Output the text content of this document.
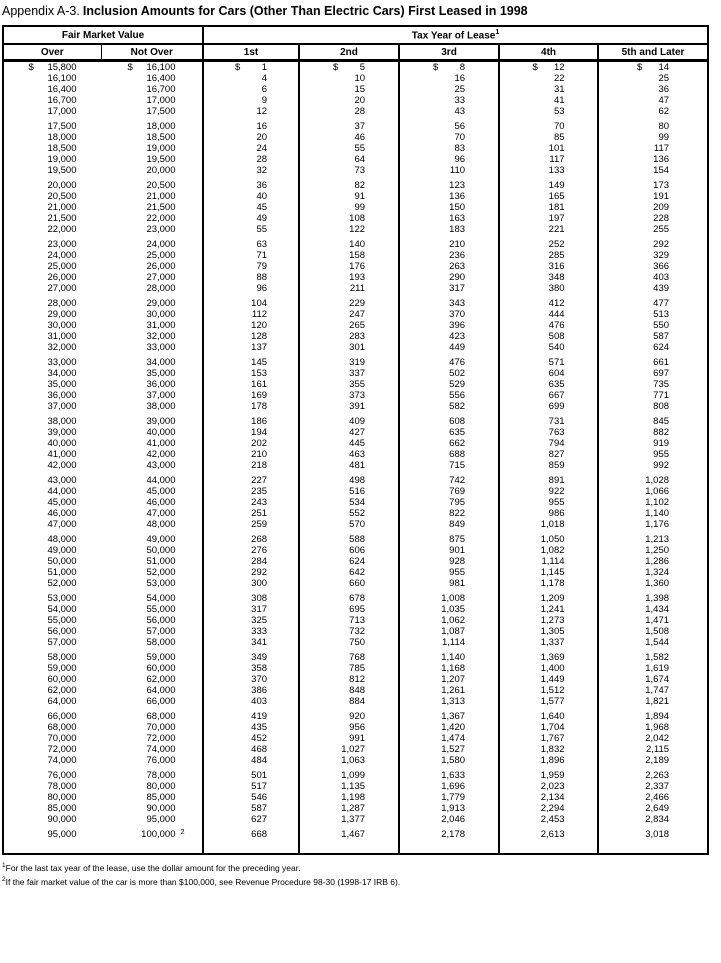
Appendix A-3. Inclusion Amounts for Cars (Other Than Electric Cars) First Leased in 1998
Fair Market Value		Tax Year of Lease$^1$
Over	Not Over	1st	2nd	3rd	4th	5th and Later

$ 15,800	$ 16,100	$ 1	$ 5	$ 8	$ 12	$ 14
16,100	16,400	4	10	16	22	25
16,400	16,700	6	15	25	31	36
16,700	17,000	9	20	33	41	47
17,000	17,500	12	28	43	53	62

17,500	18,000	16	37	56	70	80
18,000	18,500	20	46	70	85	99
18,500	19,000	24	55	83	101	117
19,000	19,500	28	64	96	117	136
19,500	20,000	32	73	110	133	154

20,000	20,500	36	82	123	149	173
20,500	21,000	40	91	136	165	191
21,000	21,500	45	99	150	181	209
21,500	22,000	49	108	163	197	228
22,000	23,000	55	122	183	221	255

23,000	24,000	63	140	210	252	292
24,000	25,000	71	158	236	285	329
25,000	26,000	79	176	263	316	366
26,000	27,000	88	193	290	348	403
27,000	28,000	96	211	317	380	439

28,000	29,000	104	229	343	412	477
29,000	30,000	112	247	370	444	513
30,000	31,000	120	265	396	476	550
31,000	32,000	128	283	423	508	587
32,000	33,000	137	301	449	540	624

33,000	34,000	145	319	476	571	661
34,000	35,000	153	337	502	604	697
35,000	36,000	161	355	529	635	735
36,000	37,000	169	373	556	667	771
37,000	38,000	178	391	582	699	808

38,000	39,000	186	409	608	731	845
39,000	40,000	194	427	635	763	882
40,000	41,000	202	445	662	794	919
41,000	42,000	210	463	688	827	955
42,000	43,000	218	481	715	859	992

43,000	44,000	227	498	742	891	1,028
44,000	45,000	235	516	769	922	1,066
45,000	46,000	243	534	795	955	1,102
46,000	47,000	251	552	822	986	1,140
47,000	48,000	259	570	849	1,018	1,176

48,000	49,000	268	588	875	1,050	1,213
49,000	50,000	276	606	901	1,082	1,250
50,000	51,000	284	624	928	1,114	1,286
51,000	52,000	292	642	955	1,145	1,324
52,000	53,000	300	660	981	1,178	1,360

53,000	54,000	308	678	1,008	1,209	1,398
54,000	55,000	317	695	1,035	1,241	1,434
55,000	56,000	325	713	1,062	1,273	1,471
56,000	57,000	333	732	1,087	1,305	1,508
57,000	58,000	341	750	1,114	1,337	1,544

58,000	59,000	349	768	1,140	1,369	1,582
59,000	60,000	358	785	1,168	1,400	1,619
60,000	62,000	370	812	1,207	1,449	1,674
62,000	64,000	386	848	1,261	1,512	1,747
64,000	66,000	403	884	1,313	1,577	1,821

66,000	68,000	419	920	1,367	1,640	1,894
68,000	70,000	435	956	1,420	1,704	1,968
70,000	72,000	452	991	1,474	1,767	2,042
72,000	74,000	468	1,027	1,527	1,832	2,115
74,000	76,000	484	1,063	1,580	1,896	2,189

76,000	78,000	501	1,099	1,633	1,959	2,263
78,000	80,000	517	1,135	1,696	2,023	2,337
80,000	85,000	546	1,198	1,779	2,134	2,466
85,000	90,000	587	1,287	1,913	2,294	2,649
90,000	95,000	627	1,377	2,046	2,453	2,834

95,000	100,000 2	668	1,467	2,178	2,613	3,018

$^1$For the last tax year of the lease, use the dollar amount for the preceding year.
$^2$If the fair market value of the car is more than $100,000, see Revenue Procedure 98-30 (1998-17 IRB 6).
